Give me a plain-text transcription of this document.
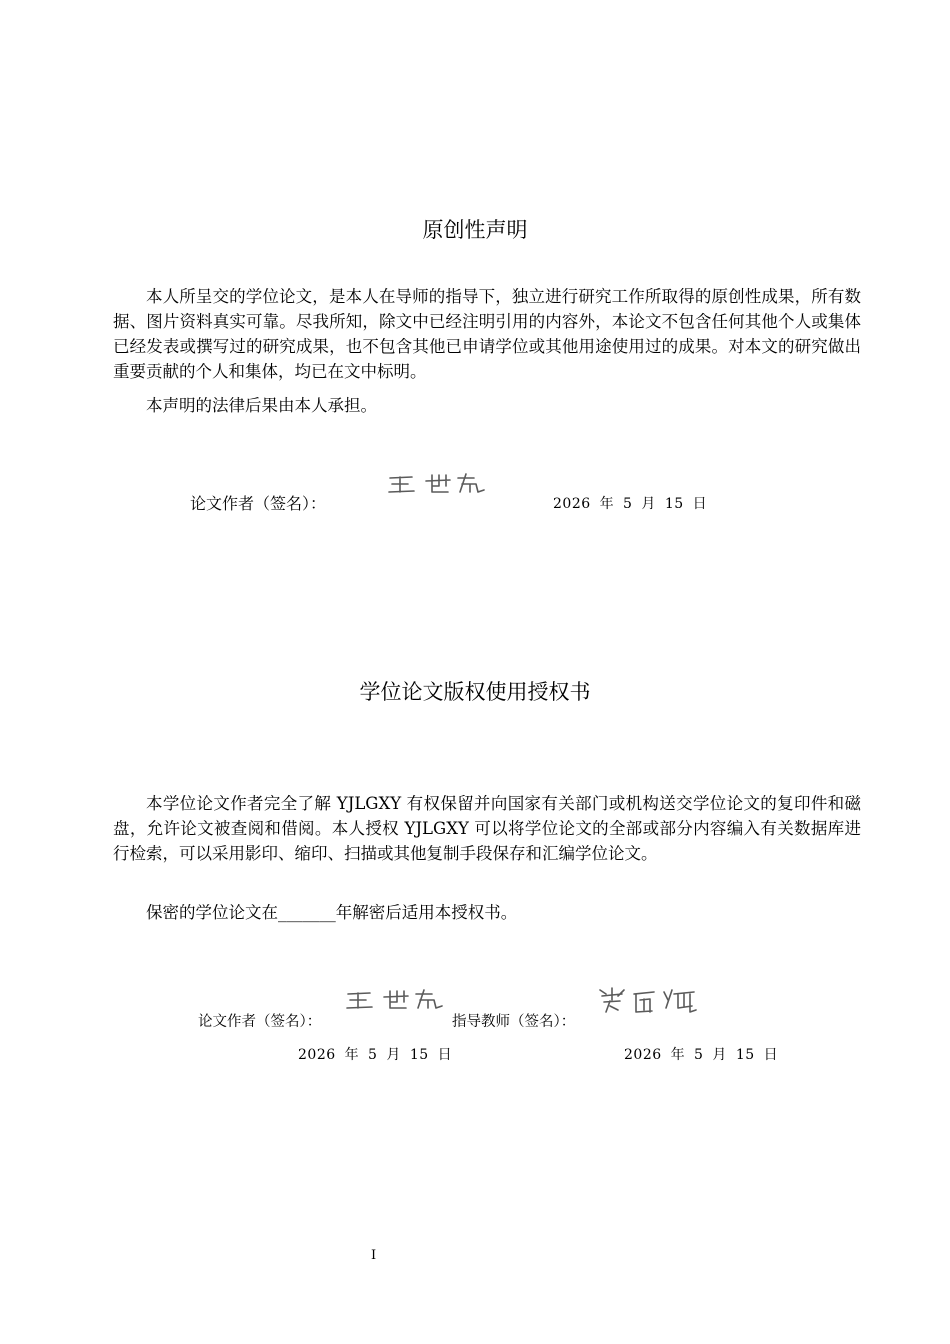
原创性声明

本人所呈交的学位论文，是本人在导师的指导下，独立进行研究工作所取得的原创性成果，所有数据、图片资料真实可靠。尽我所知，除文中已经注明引用的内容外，本论文不包含任何其他个人或集体已经发表或撰写过的研究成果，也不包含其他已申请学位或其他用途使用过的成果。对本文的研究做出重要贡献的个人和集体，均已在文中标明。

本声明的法律后果由本人承担。

论文作者（签名）：	2026 年 5 月 15 日
学位论文版权使用授权书

本学位论文作者完全了解 YJLGXY 有权保留并向国家有关部门或机构送交学位论文的复印件和磁盘，允许论文被查阅和借阅。本人授权 YJLGXY 可以将学位论文的全部或部分内容编入有关数据库进行检索，可以采用影印、缩印、扫描或其他复制手段保存和汇编学位论文。

保密的学位论文在_______年解密后适用本授权书。

论文作者（签名）：	指导教师（签名）：
2026 年 5 月 15 日	2026 年 5 月 15 日
I
